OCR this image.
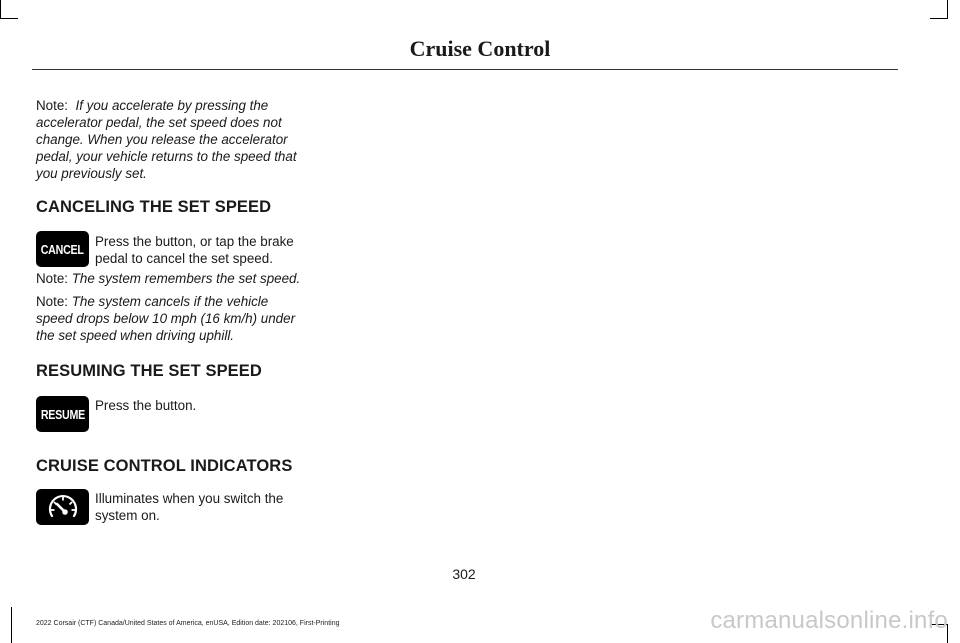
Cruise Control

Note: If you accelerate by pressing the accelerator pedal, the set speed does not change. When you release the accelerator pedal, your vehicle returns to the speed that you previously set.

CANCELING THE SET SPEED
CANCEL Press the button, or tap the brake pedal to cancel the set speed.

Note: The system remembers the set speed.

Note: The system cancels if the vehicle speed drops below 10 mph (16 km/h) under the set speed when driving uphill.

RESUMING THE SET SPEED
RESUME
Press the button.
CRUISE CONTROL INDICATORS
Illuminates when you switch the system on.
302
2022 Corsair (CTF) Canada/United States of America, enUSA, Edition date: 202106, First-Printing	carmanualsonline.info
